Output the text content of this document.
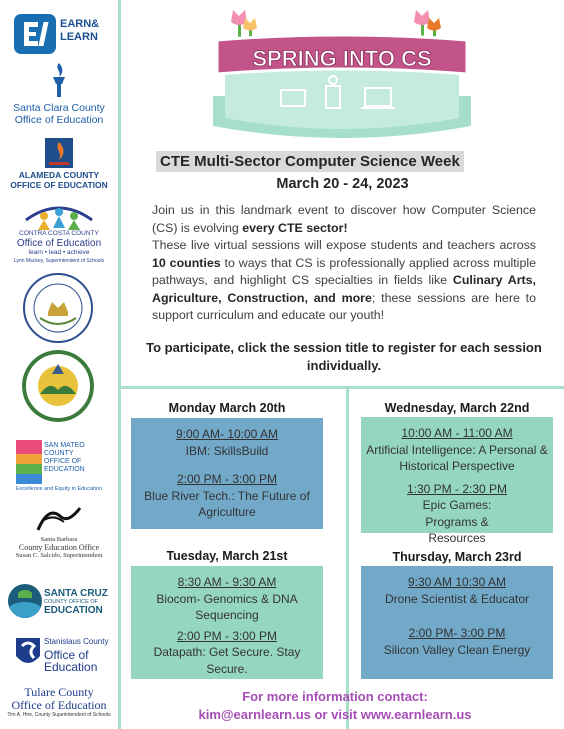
EARN&
LEARN
Santa Clara County
Office of Education
ALAMEDA COUNTY
OFFICE OF EDUCATION
CONTRA COSTA COUNTY
Office of Education
learn • lead • achieve
Lynn Mackey, Superintendent of Schools
SAN MATEO
COUNTY
OFFICE OF
EDUCATION
Excellence and Equity in Education
Santa Barbara
County Education Office
Susan C. Salcido, Superintendent
SANTA CRUZ
COUNTY OFFICE OF
EDUCATION
Stanislaus County
Office of
Education
Tulare County
Office of Education
Tim A. Hire, County Superintendent of Schools
SPRING INTO CS
CTE Multi-Sector Computer Science Week
March 20 - 24, 2023

Join us in this landmark event to discover how Computer Science (CS) is evolving every CTE sector!

These live virtual sessions will expose students and teachers across 10 counties to ways that CS is professionally applied across multiple pathways, and highlight CS specialties in fields like Culinary Arts, Agriculture, Construction, and more; these sessions are here to support curriculum and educate our youth!

To participate, click the session title to register for each session individually.
Monday March 20th
9:00 AM- 10:00 AM
IBM: SkillsBuild
2:00 PM - 3:00 PM
Blue River Tech.: The Future of Agriculture
Wednesday, March 22nd
10:00 AM - 11:00 AM
Artificial Intelligence: A Personal & Historical Perspective
1:30 PM - 2:30 PM
Epic Games: Programs & Resources
Tuesday, March 21st
8:30 AM - 9:30 AM
Biocom- Genomics & DNA Sequencing
2:00 PM - 3:00 PM
Datapath: Get Secure. Stay Secure.
Thursday, March 23rd
9:30 AM 10:30 AM
Drone Scientist & Educator
2:00 PM- 3:00 PM
Silicon Valley Clean Energy
For more information contact:
kim@earnlearn.us or visit www.earnlearn.us
